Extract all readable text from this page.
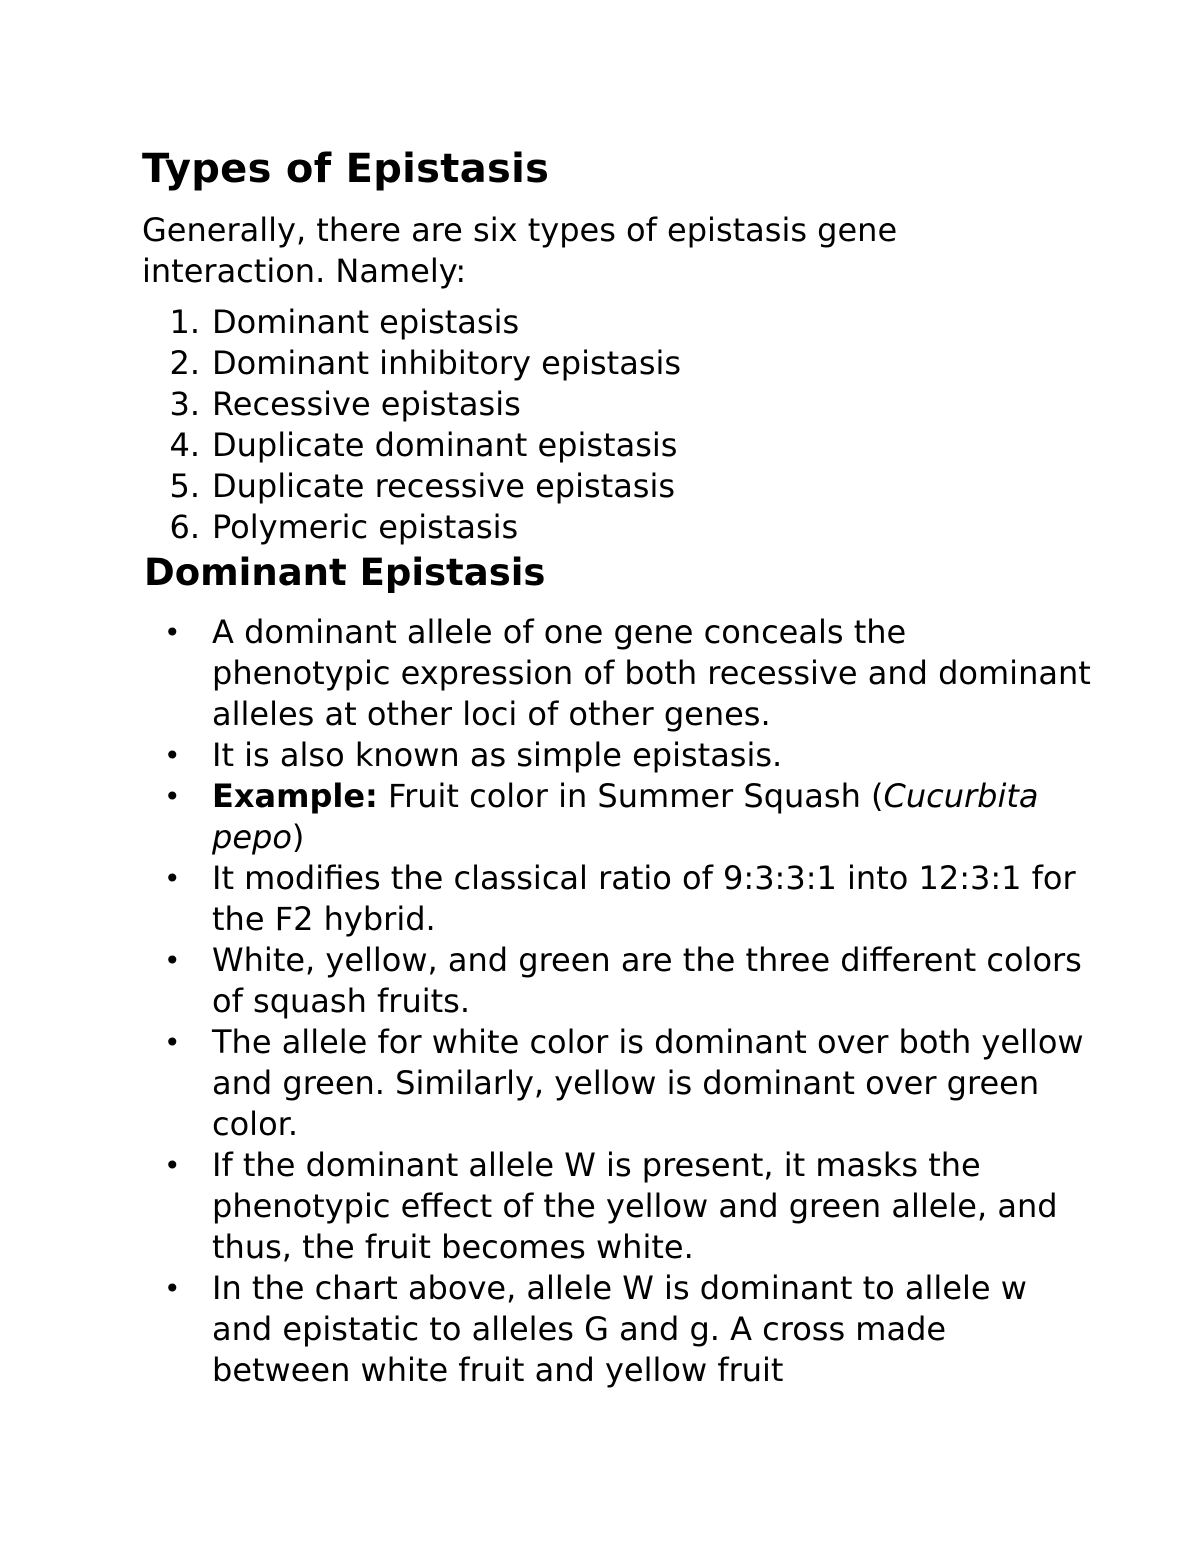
Types of Epistasis

Generally, there are six types of epistasis gene interaction. Namely:

1. Dominant epistasis
2. Dominant inhibitory epistasis
3. Recessive epistasis
4. Duplicate dominant epistasis
5. Duplicate recessive epistasis
6. Polymeric epistasis
Dominant Epistasis
• A dominant allele of one gene conceals the phenotypic expression of both recessive and dominant alleles at other loci of other genes.
• It is also known as simple epistasis.
• Example: Fruit color in Summer Squash (Cucurbita pepo)
• It modifies the classical ratio of 9:3:3:1 into 12:3:1 for the F2 hybrid.
• White, yellow, and green are the three different colors of squash fruits.
• The allele for white color is dominant over both yellow and green. Similarly, yellow is dominant over green color.
• If the dominant allele W is present, it masks the phenotypic effect of the yellow and green allele, and thus, the fruit becomes white.
• In the chart above, allele W is dominant to allele w and epistatic to alleles G and g. A cross made between white fruit and yellow fruit
